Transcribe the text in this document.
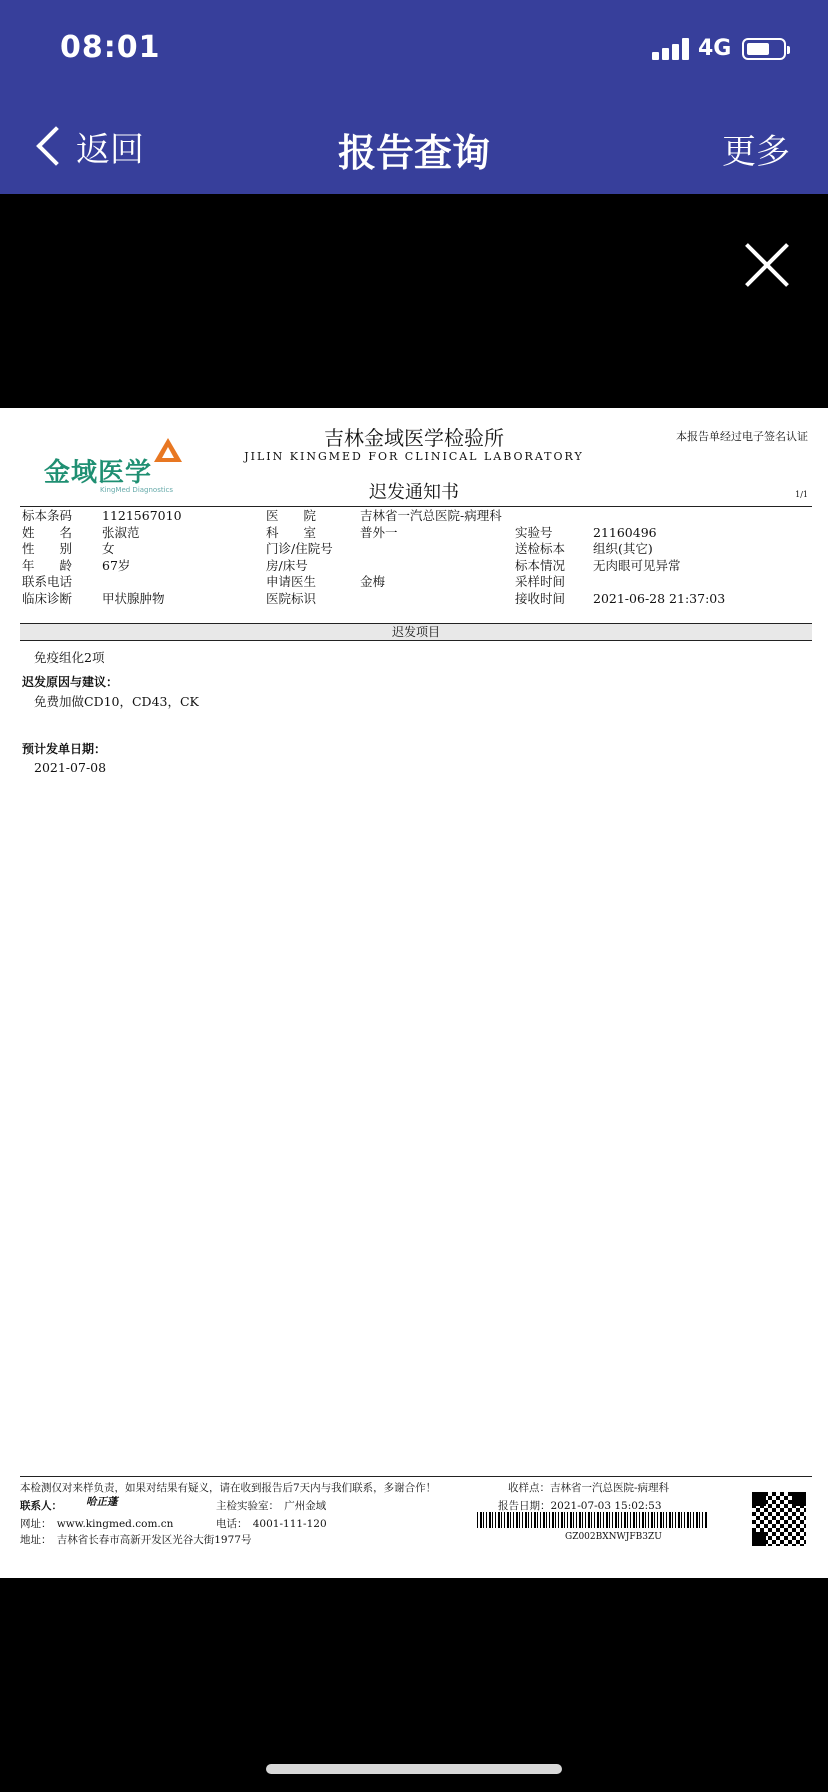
08:01	4G
返回	报告查询	更多
金域医学
KingMed Diagnostics
吉林金域医学检验所
JILIN KINGMED FOR CLINICAL LABORATORY
本报告单经过电子签名认证
迟发通知书	1/1
标本条码 1121567010	医　　院	吉林省一汽总医院-病理科
姓　　名 张淑范	科　　室	普外一	实验号	21160496
性　　别 女	门诊/住院号	送检标本 组织(其它)
年　　龄 67岁	房/床号	标本情况 无肉眼可见异常
联系电话	申请医生	金梅	采样时间
临床诊断 甲状腺肿物	医院标识	接收时间 2021-06-28 21:37:03
迟发项目
免疫组化2项
迟发原因与建议：
免费加做CD10，CD43，CK
预计发单日期：
2021-07-08
本检测仅对来样负责，如果对结果有疑义，请在收到报告后7天内与我们联系，多谢合作！	收样点：吉林省一汽总医院-病理科
联系人： 哈正蓬	主检实验室：　广州金域	报告日期：2021-07-03 15:02:53
网址：　www.kingmed.com.cn	电话：　4001-111-120
地址：　吉林省长春市高新开发区光谷大街1977号	GZ002BXNWJFB3ZU
